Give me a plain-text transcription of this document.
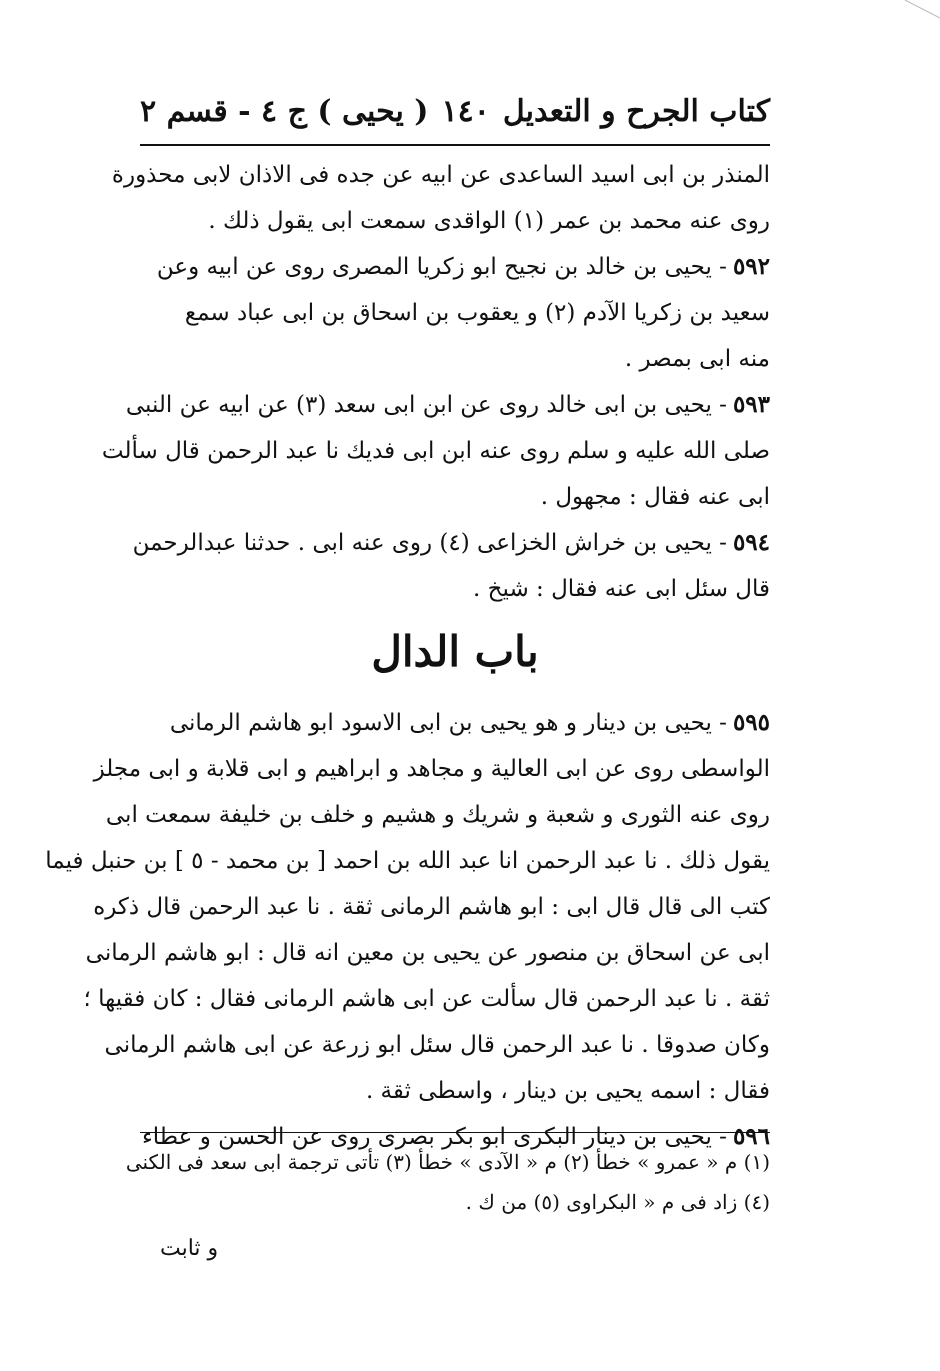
كتاب الجرح و التعديل
١٤٠
( يحيى ) ج ٤ - قسم ٢
المنذر بن ابى اسيد الساعدى عن ابيه عن جده فى الاذان لابى محذورة
روى عنه محمد بن عمر (١) الواقدى سمعت ابى يقول ذلك .
٥٩٢- يحيى بن خالد بن نجيح ابو زكريا المصرى روى عن ابيه وعن
سعيد بن زكريا الآدم (٢) و يعقوب بن اسحاق بن ابى عباد سمع
منه ابى بمصر .
٥٩٣- يحيى بن ابى خالد روى عن ابن ابى سعد (٣) عن ابيه عن النبى
صلى الله عليه و سلم روى عنه ابن ابى فديك نا عبد الرحمن قال سألت
ابى عنه فقال : مجهول .
٥٩٤- يحيى بن خراش الخزاعى (٤) روى عنه ابى . حدثنا عبدالرحمن
قال سئل ابى عنه فقال : شيخ .
باب الدال
٥٩٥- يحيى بن دينار و هو يحيى بن ابى الاسود ابو هاشم الرمانى
الواسطى روى عن ابى العالية و مجاهد و ابراهيم و ابى قلابة و ابى مجلز
روى عنه الثورى و شعبة و شريك و هشيم و خلف بن خليفة سمعت ابى
يقول ذلك . نا عبد الرحمن انا عبد الله بن احمد [ بن محمد - ٥ ] بن حنبل فيما
كتب الى قال قال ابى : ابو هاشم الرمانى ثقة . نا عبد الرحمن قال ذكره
ابى عن اسحاق بن منصور عن يحيى بن معين انه قال : ابو هاشم الرمانى
ثقة . نا عبد الرحمن قال سألت عن ابى هاشم الرمانى فقال : كان فقيها ؛
وكان صدوقا . نا عبد الرحمن قال سئل ابو زرعة عن ابى هاشم الرمانى
فقال : اسمه يحيى بن دينار ، واسطى ثقة .
٥٩٦- يحيى بن دينار البكرى ابو بكر بصرى روى عن الحسن و عطاء
(١) م « عمرو » خطأ (٢) م « الآدى » خطأ (٣) تأتى ترجمة ابى سعد فى الكنى
(٤) زاد فى م « البكراوى (٥) من ك .
و ثابت
